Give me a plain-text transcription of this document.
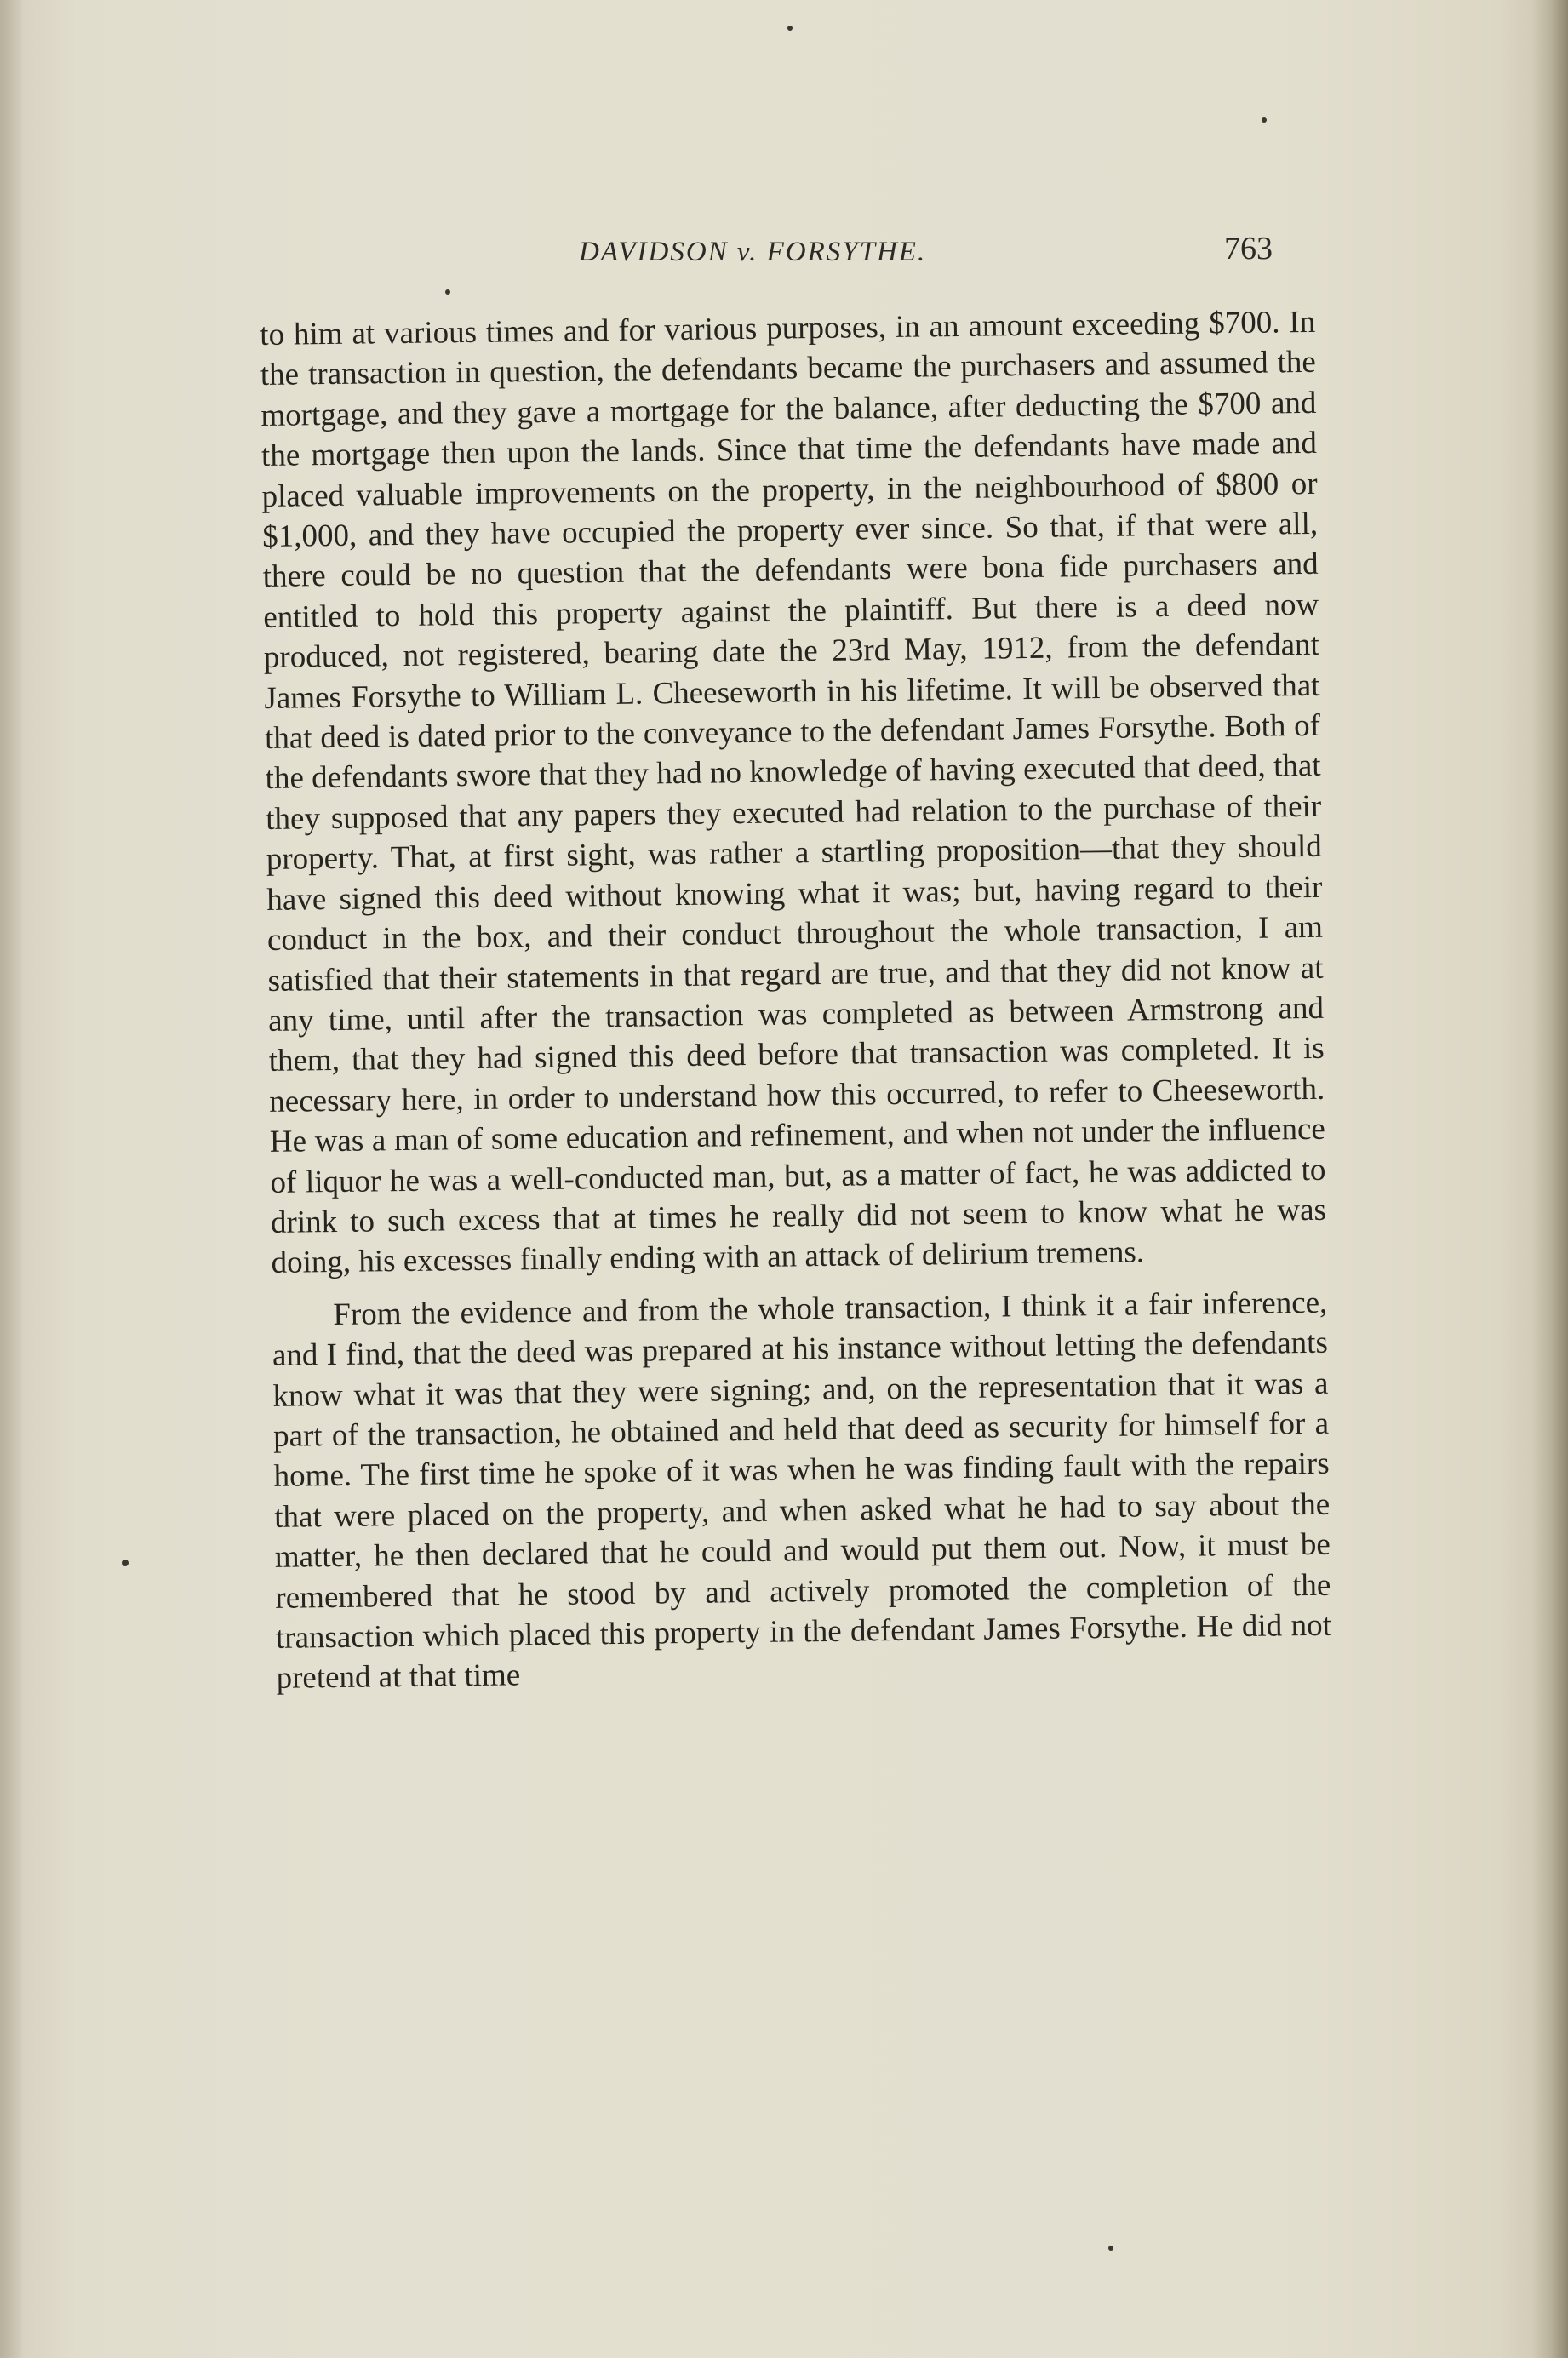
DAVIDSON v. FORSYTHE.	763

to him at various times and for various purposes, in an amount exceeding $700. In the transaction in question, the defendants became the purchasers and assumed the mortgage, and they gave a mortgage for the balance, after deducting the $700 and the mortgage then upon the lands. Since that time the defendants have made and placed valuable improvements on the property, in the neighbourhood of $800 or $1,000, and they have occupied the property ever since. So that, if that were all, there could be no question that the defendants were bona fide purchasers and entitled to hold this property against the plaintiff. But there is a deed now produced, not registered, bearing date the 23rd May, 1912, from the defendant James Forsythe to William L. Cheeseworth in his lifetime. It will be observed that that deed is dated prior to the conveyance to the defendant James Forsythe. Both of the defendants swore that they had no knowledge of having executed that deed, that they supposed that any papers they executed had relation to the purchase of their property. That, at first sight, was rather a startling proposition—that they should have signed this deed without knowing what it was; but, having regard to their conduct in the box, and their conduct throughout the whole transaction, I am satisfied that their statements in that regard are true, and that they did not know at any time, until after the transaction was completed as between Armstrong and them, that they had signed this deed before that transaction was completed. It is necessary here, in order to understand how this occurred, to refer to Cheeseworth. He was a man of some education and refinement, and when not under the influence of liquor he was a well-conducted man, but, as a matter of fact, he was addicted to drink to such excess that at times he really did not seem to know what he was doing, his excesses finally ending with an attack of delirium tremens.

From the evidence and from the whole transaction, I think it a fair inference, and I find, that the deed was prepared at his instance without letting the defendants know what it was that they were signing; and, on the representation that it was a part of the transaction, he obtained and held that deed as security for himself for a home. The first time he spoke of it was when he was finding fault with the repairs that were placed on the property, and when asked what he had to say about the matter, he then declared that he could and would put them out. Now, it must be remembered that he stood by and actively promoted the completion of the transaction which placed this property in the defendant James Forsythe. He did not pretend at that time
